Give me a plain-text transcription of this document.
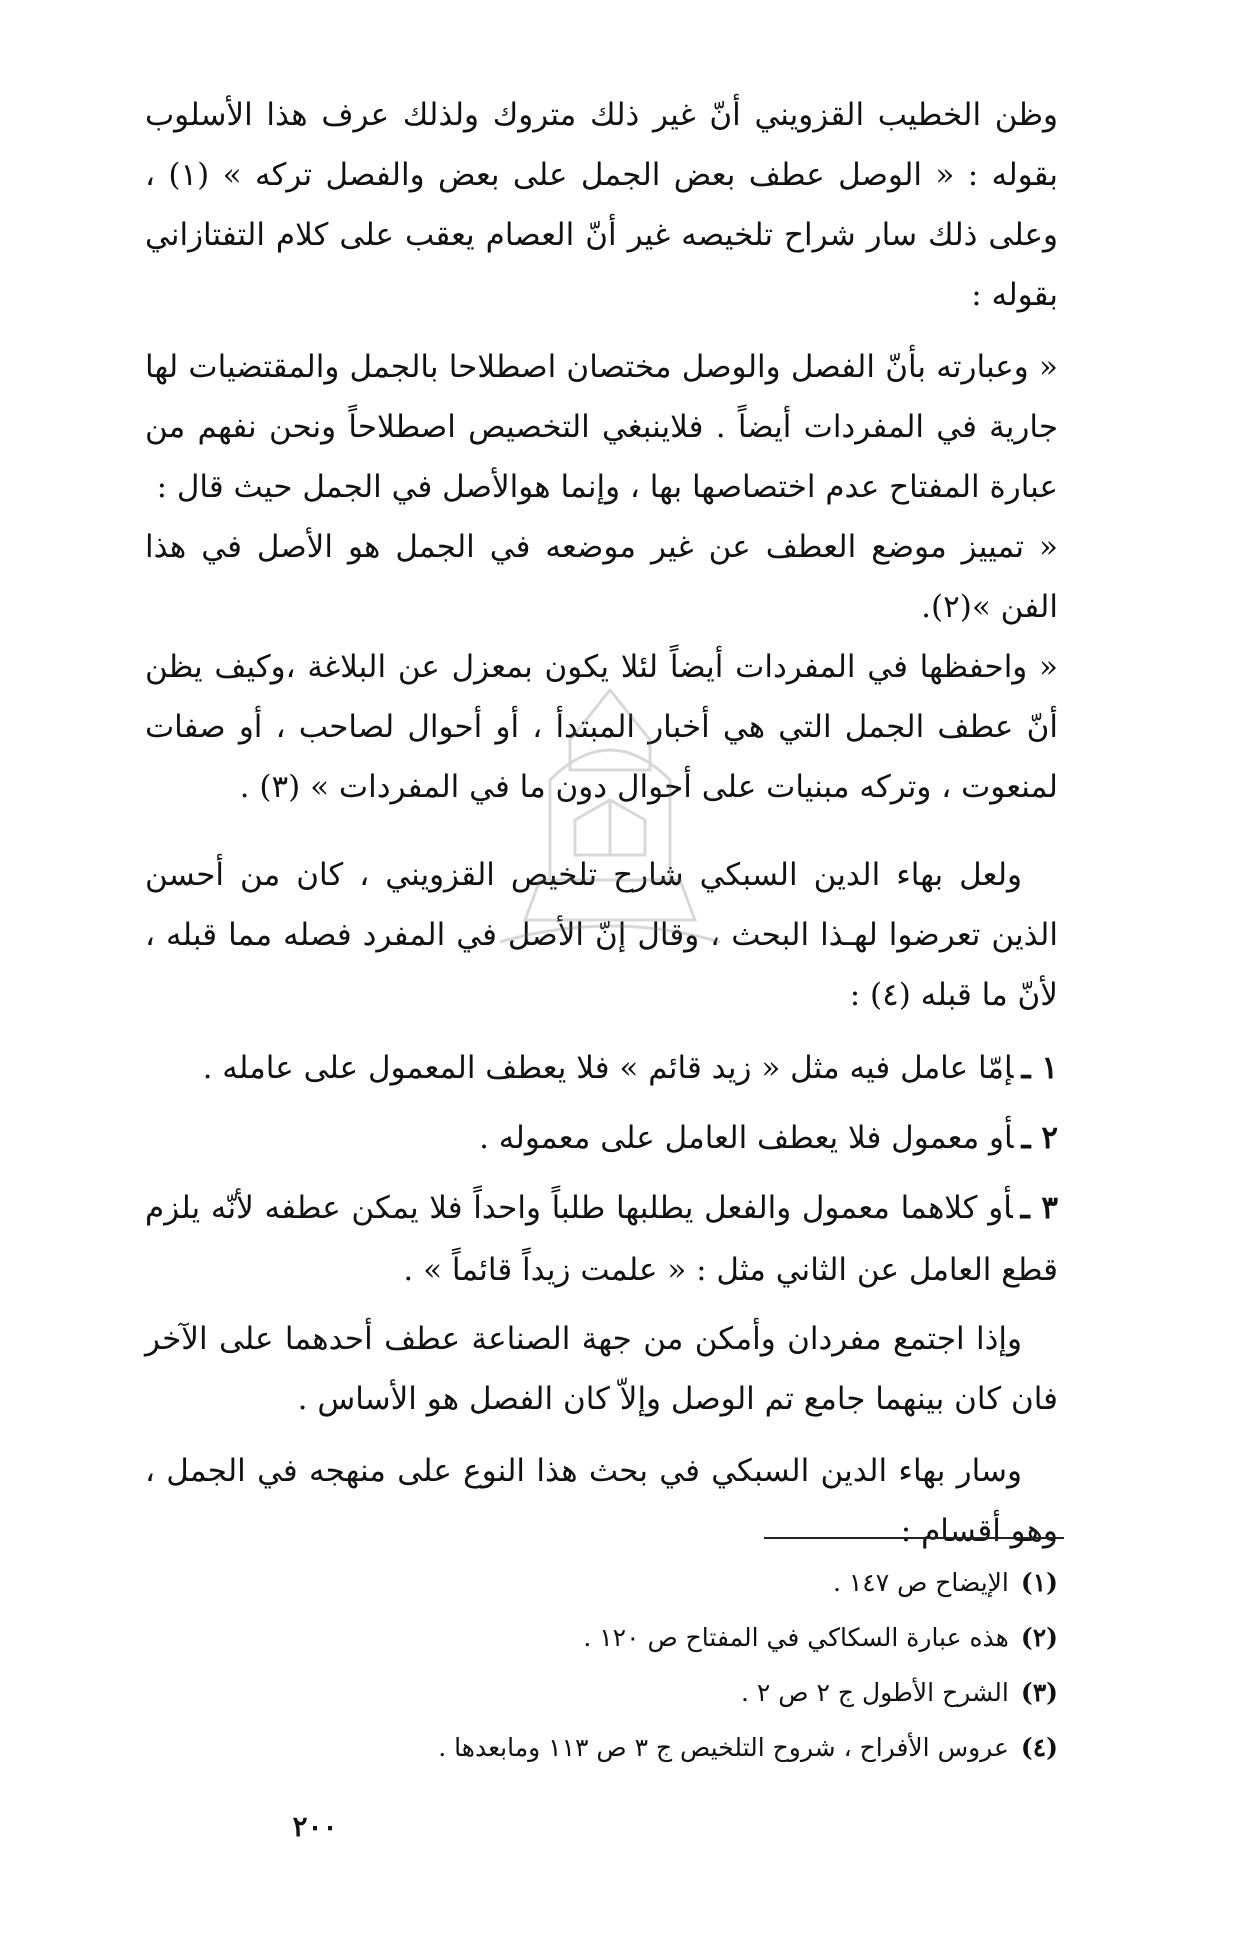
وظن الخطيب القزويني أنّ غير ذلك متروك ولذلك عرف هذا الأسلوب بقوله : « الوصل عطف بعض الجمل على بعض والفصل تركه » (١) ، وعلى ذلك سار شراح تلخيصه غير أنّ العصام يعقب على كلام التفتازاني بقوله :

« وعبارته بأنّ الفصل والوصل مختصان اصطلاحا بالجمل والمقتضيات لها جارية في المفردات أيضاً . فلاينبغي التخصيص اصطلاحاً ونحن نفهم من عبارة المفتاح عدم اختصاصها بها ، وإنما هوالأصل في الجمل حيث قال :

« تمييز موضع العطف عن غير موضعه في الجمل هو الأصل في هذا الفن »(٢).

« واحفظها في المفردات أيضاً لئلا يكون بمعزل عن البلاغة ،وكيف يظن أنّ عطف الجمل التي هي أخبار المبتدأ ، أو أحوال لصاحب ، أو صفات لمنعوت ، وتركه مبنيات على أحوال دون ما في المفردات » (٣) .

ولعل بهاء الدين السبكي شارح تلخيص القزويني ، كان من أحسن الذين تعرضوا لهـذا البحث ، وقال إنّ الأصل في المفرد فصله مما قبله ، لأنّ ما قبله (٤) :

١ ـإمّا عامل فيه مثل « زيد قائم » فلا يعطف المعمول على عامله .
٢ ـأو معمول فلا يعطف العامل على معموله .
٣ ـأو كلاهما معمول والفعل يطلبها طلباً واحداً فلا يمكن عطفه لأنّه يلزم قطع العامل عن الثاني مثل : « علمت زيداً قائماً » .

وإذا اجتمع مفردان وأمكن من جهة الصناعة عطف أحدهما على الآخر فان كان بينهما جامع تم الوصل وإلاّ كان الفصل هو الأساس .

وسار بهاء الدين السبكي في بحث هذا النوع على منهجه في الجمل ، وهو أقسام :

(١)الإيضاح ص ١٤٧ .
(٢)هذه عبارة السكاكي في المفتاح ص ١٢٠ .
(٣)الشرح الأطول ج ٢ ص ٢ .
(٤)عروس الأفراح ، شروح التلخيص ج ٣ ص ١١٣ ومابعدها .
٢٠٠
